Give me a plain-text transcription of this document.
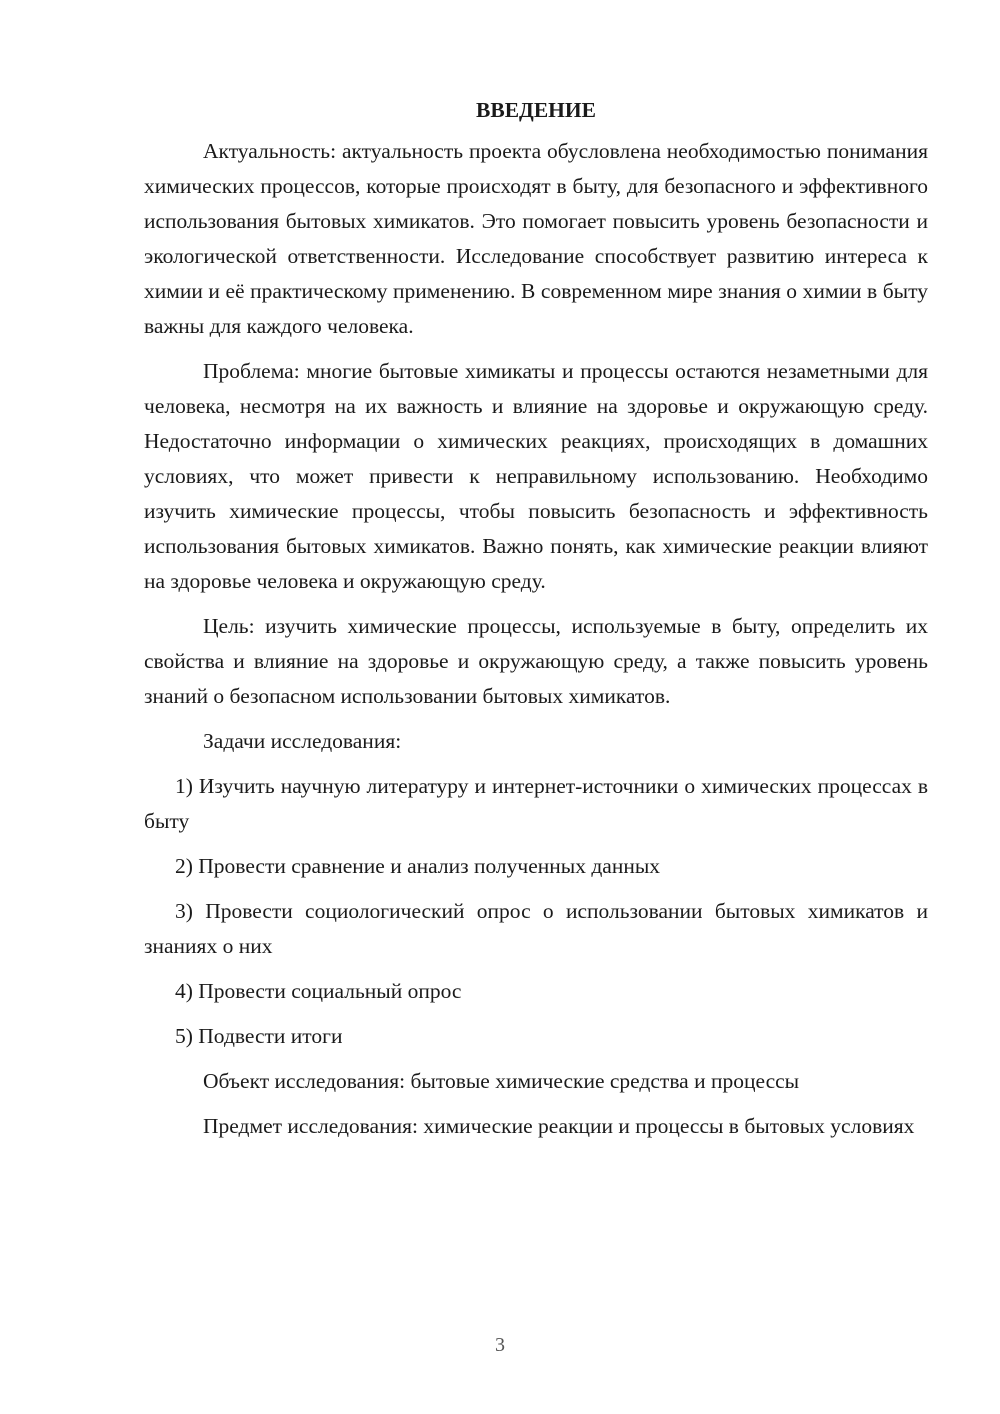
ВВЕДЕНИЕ

Актуальность: актуальность проекта обусловлена необходимостью понимания химических процессов, которые происходят в быту, для безопасного и эффективного использования бытовых химикатов. Это помогает повысить уровень безопасности и экологической ответственности. Исследование способствует развитию интереса к химии и её практическому применению. В современном мире знания о химии в быту важны для каждого человека.

Проблема: многие бытовые химикаты и процессы остаются незаметными для человека, несмотря на их важность и влияние на здоровье и окружающую среду. Недостаточно информации о химических реакциях, происходящих в домашних условиях, что может привести к неправильному использованию. Необходимо изучить химические процессы, чтобы повысить безопасность и эффективность использования бытовых химикатов. Важно понять, как химические реакции влияют на здоровье человека и окружающую среду.

Цель: изучить химические процессы, используемые в быту, определить их свойства и влияние на здоровье и окружающую среду, а также повысить уровень знаний о безопасном использовании бытовых химикатов.

Задачи исследования:

1) Изучить научную литературу и интернет-источники о химических процессах в быту

2) Провести сравнение и анализ полученных данных

3) Провести социологический опрос о использовании бытовых химикатов и знаниях о них

4) Провести социальный опрос

5) Подвести итоги

Объект исследования: бытовые химические средства и процессы

Предмет исследования: химические реакции и процессы в бытовых условиях

3
